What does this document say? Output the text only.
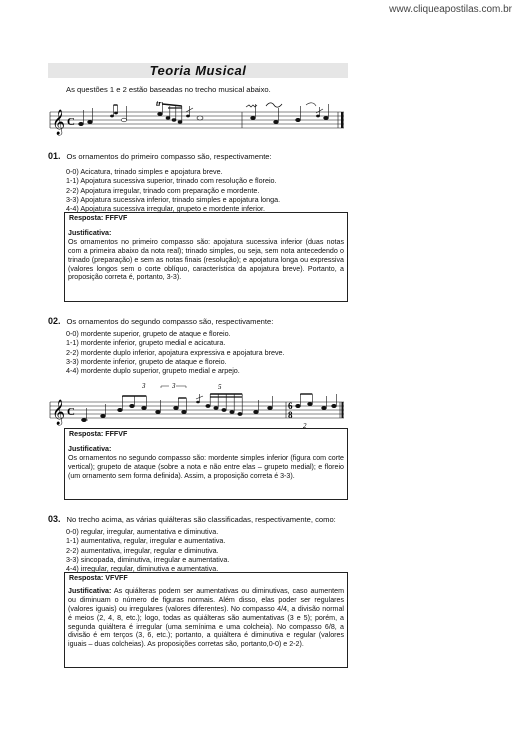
www.cliqueapostilas.com.br
Teoria Musical
As questões 1 e 2 estão baseadas no trecho musical abaixo.
𝄞 C
tr
01. Os ornamentos do primeiro compasso são, respectivamente:
0-0) Acicatura, trinado simples e apojatura breve.
1-1) Apojatura sucessiva superior, trinado com resolução e floreio.
2-2) Apojatura irregular, trinado com preparação e mordente.
3-3) Apojatura sucessiva inferior, trinado simples e apojatura longa.
4-4) Apojatura sucessiva irregular, grupeto e mordente inferior.
Resposta: FFFVF
Justificativa:
Os ornamentos no primeiro compasso são: apojatura sucessiva inferior (duas notas com a primeira abaixo da nota real); trinado simples, ou seja, sem nota antecedendo o trinado (preparação) e sem as notas finais (resolução); e apojatura longa ou expressiva (valores longos sem o corte oblíquo, característica da apojatura breve). Portanto, a proposição correta é, portanto, 3-3).
02. Os ornamentos do segundo compasso são, respectivamente:
0-0) mordente superior, grupeto de ataque e floreio.
1-1) mordente inferior, grupeto medial e acicatura.
2-2) mordente duplo inferior, apojatura expressiva e apojatura breve.
3-3) mordente inferior, grupeto de ataque e floreio.
4-4) mordente duplo superior, grupeto medial e arpejo.
𝄞 C
3	3	5
6
8
2
Resposta: FFFVF
Justificativa:
Os ornamentos no segundo compasso são: mordente simples inferior (figura com corte vertical); grupeto de ataque (sobre a nota e não entre elas – grupeto medial); e floreio (um ornamento sem forma definida). Assim, a proposição correta é 3-3).
03. No trecho acima, as várias quiálteras são classificadas, respectivamente, como:
0-0) regular, irregular, aumentativa e diminutiva.
1-1) aumentativa, regular, irregular e aumentativa.
2-2) aumentativa, irregular, regular e diminutiva.
3-3) sincopada, diminutiva, irregular e aumentativa.
4-4) irregular, regular, diminutiva e aumentativa.
Resposta: VFVFF
Justificativa: As quiálteras podem ser aumentativas ou diminutivas, caso aumentem ou diminuam o número de figuras normais. Além disso, elas poder ser regulares (valores iguais) ou irregulares (valores diferentes). No compasso 4/4, a divisão normal é meios (2, 4, 8, etc.); logo, todas as quiálteras são aumentativas (3 e 5); porém, a segunda quiáltera é irregular (uma semínima e uma colcheia). No compasso 6/8, a divisão é em terços (3, 6, etc.); portanto, a quiáltera é diminutiva e regular (valores iguais – duas colcheias). As proposições corretas são, portanto,0-0) e 2-2).
